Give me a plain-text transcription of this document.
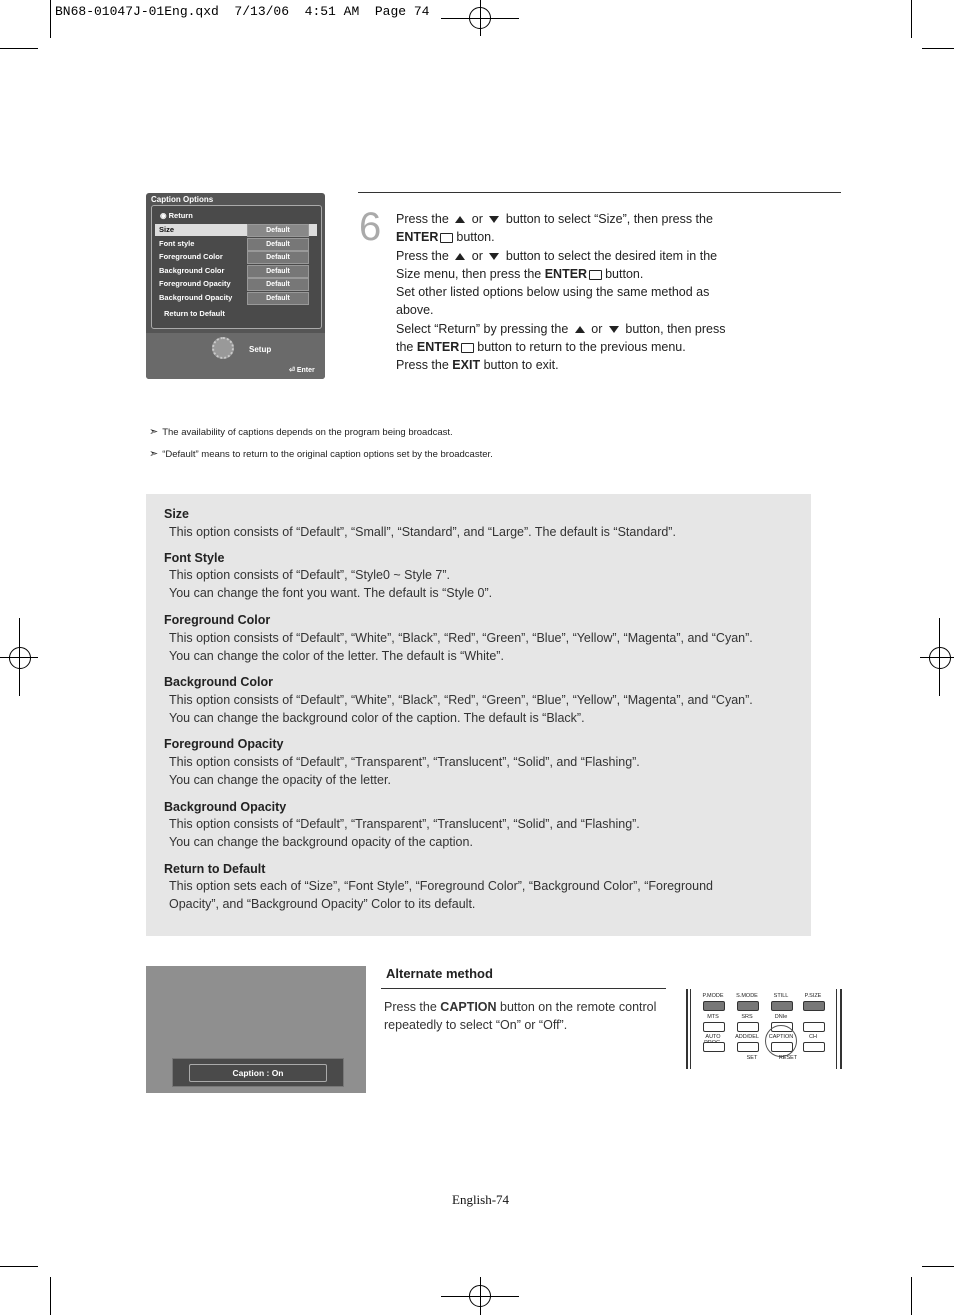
BN68-01047J-01Eng.qxd  7/13/06  4:51 AM  Page 74
Caption Options
◉ Return
Size	Default
Font style	Default
Foreground Color	Default
Background Color	Default
Foreground Opacity	Default
Background Opacity	Default
Return to Default
Setup
⏎ Enter
6 Press the or button to select “Size”, then press the

ENTER button.

Press the or button to select the desired item in the

Size menu, then press the ENTER button.

Set other listed options below using the same method as

above.

Select “Return” by pressing the or button, then press

the ENTER button to return to the previous menu.

Press the EXIT button to exit.

➣ The availability of captions depends on the program being broadcast.
➣ “Default” means to return to the original caption options set by the broadcaster.
Size
This option consists of “Default”, “Small”, “Standard”, and “Large”. The default is “Standard”.
Font Style
This option consists of “Default”, “Style0 ~ Style 7”.
You can change the font you want. The default is “Style 0”.
Foreground Color
This option consists of “Default”, “White”, “Black”, “Red”, “Green”, “Blue”, “Yellow”, “Magenta”, and “Cyan”.
You can change the color of the letter. The default is “White”.
Background Color
This option consists of “Default”, “White”, “Black”, “Red”, “Green”, “Blue”, “Yellow”, “Magenta”, and “Cyan”.
You can change the background color of the caption. The default is “Black”.
Foreground Opacity
This option consists of “Default”, “Transparent”, “Translucent”, “Solid”, and “Flashing”.
You can change the opacity of the letter.
Background Opacity
This option consists of “Default”, “Transparent”, “Translucent”, “Solid”, and “Flashing”.
You can change the background opacity of the caption.
Return to Default
This option sets each of “Size”, “Font Style”, “Foreground Color”, “Background Color”, “Foreground
Opacity”, and “Background Opacity” Color to its default.
Caption : On
Alternate method
Press the CAPTION button on the remote control
repeatedly to select “On” or “Off”.
P.MODE	S.MODE	STILL	P.SIZE
MTS	SRS	DNIe
AUTO	ADD/DEL	CAPTION	CH
SET	RESET
English-74
